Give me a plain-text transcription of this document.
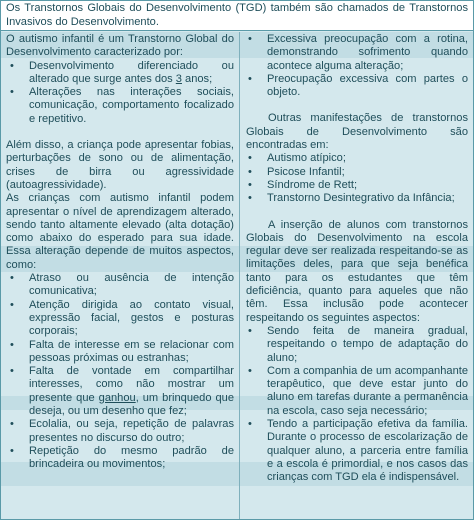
Os Transtornos Globais do Desenvolvimento (TGD) também são chamados de Transtornos Invasivos do Desenvolvimento.

O autismo infantil é um Transtorno Global do Desenvolvimento caracterizado por:

• Desenvolvimento diferenciado ou alterado que surge antes dos 3 anos;
• Alterações nas interações sociais, comunicação, comportamento focalizado e repetitivo.

Além disso, a criança pode apresentar fobias, perturbações de sono ou de alimentação, crises de birra ou agressividade (autoagressividade).

As crianças com autismo infantil podem apresentar o nível de aprendizagem alterado, sendo tanto altamente elevado (alta dotação) como abaixo do esperado para sua idade. Essa alteração depende de muitos aspectos, como:

• Atraso ou ausência de intenção comunicativa;
• Atenção dirigida ao contato visual, expressão facial, gestos e posturas corporais;
• Falta de interesse em se relacionar com pessoas próximas ou estranhas;
• Falta de vontade em compartilhar interesses, como não mostrar um presente que ganhou, um brinquedo que deseja, ou um desenho que fez;
• Ecolalia, ou seja, repetição de palavras presentes no discurso do outro;
• Repetição do mesmo padrão de brincadeira ou movimentos;
• Excessiva preocupação com a rotina, demonstrando sofrimento quando acontece alguma alteração;
• Preocupação excessiva com partes o objeto.

Outras manifestações de transtornos Globais de Desenvolvimento são encontradas em:

• Autismo atípico;
• Psicose Infantil;
• Síndrome de Rett;
• Transtorno Desintegrativo da Infância;

A inserção de alunos com transtornos Globais do Desenvolvimento na escola regular deve ser realizada respeitando-se as limitações deles, para que seja benéfica tanto para os estudantes que têm deficiência, quanto para aqueles que não têm. Essa inclusão pode acontecer respeitando os seguintes aspectos:

• Sendo feita de maneira gradual, respeitando o tempo de adaptação do aluno;
• Com a companhia de um acompanhante terapêutico, que deve estar junto do aluno em tarefas durante a permanência na escola, caso seja necessário;
• Tendo a participação efetiva da família. Durante o processo de escolarização de qualquer aluno, a parceria entre família e a escola é primordial, e nos casos das crianças com TGD ela é indispensável.
